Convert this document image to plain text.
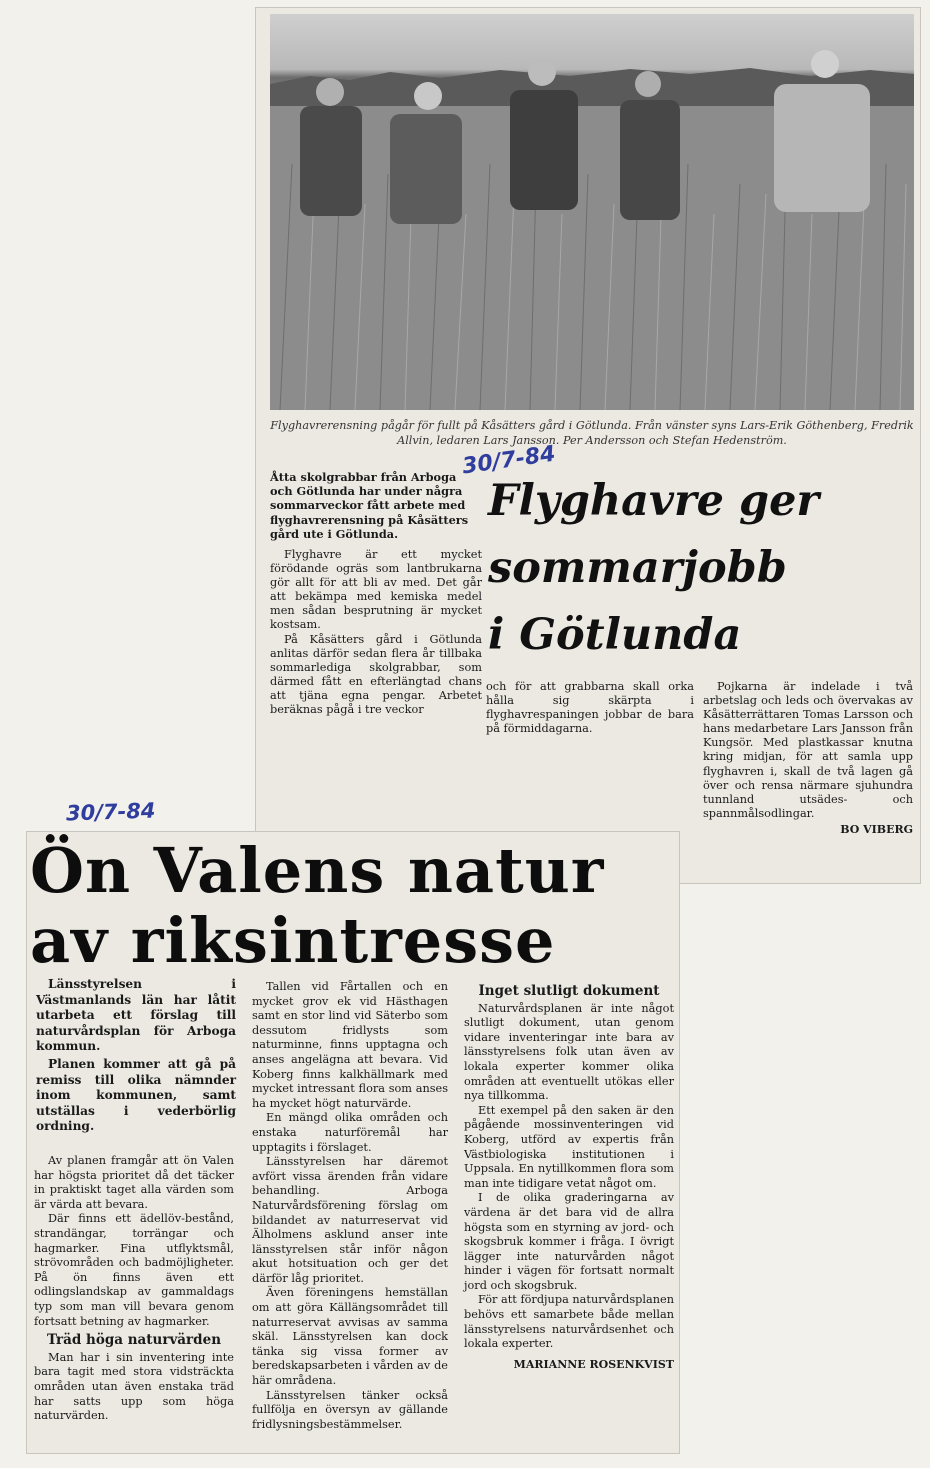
Flyghavrerensning pågår för fullt på Kåsätters gård i Götlunda. Från vänster syns Lars-Erik Göthenberg, Fredrik Allvin, ledaren Lars Jansson. Per Andersson och Stefan Hedenström.
30/7-84
Åtta skolgrabbar från Arboga och Götlunda har under några sommarveckor fått arbete med flyghavrerensning på Kåsätters gård ute i Götlunda.
Flyghavre ger
sommarjobb
i Götlunda

Flyghavre är ett mycket förödande ogräs som lantbrukarna gör allt för att bli av med. Det går att bekämpa med kemiska medel men sådan besprutning är mycket kostsam.

På Kåsätters gård i Götlunda anlitas därför sedan flera år tillbaka sommarlediga skolgrabbar, som därmed fått en efterlängtad chans att tjäna egna pengar. Arbetet beräknas pågå i tre veckor

och för att grabbarna skall orka hålla sig skärpta i flyghavrespaningen jobbar de bara på förmiddagarna.

Pojkarna är indelade i två arbetslag och leds och övervakas av Kåsätterrättaren Tomas Larsson och hans medarbetare Lars Jansson från Kungsör. Med plastkassar knutna kring midjan, för att samla upp flyghavren i, skall de två lagen gå över och rensa närmare sjuhundra tunnland utsädes- och spannmålsodlingar.

BO VIBERG
30/7-84
Ön Valens natur
av riksintresse

Länsstyrelsen i Västmanlands län har låtit utarbeta ett förslag till naturvårdsplan för Arboga kommun.

Planen kommer att gå på remiss till olika nämnder inom kommunen, samt utställas i vederbörlig ordning.

Av planen framgår att ön Valen har högsta prioritet då det täcker in praktiskt taget alla värden som är värda att bevara.

Där finns ett ädellöv-bestånd, strandängar, torrängar och hagmarker. Fina utflyktsmål, strövområden och badmöjligheter. På ön finns även ett odlingslandskap av gammaldags typ som man vill bevara genom fortsatt betning av hagmarker.

Träd höga naturvärden

Man har i sin inventering inte bara tagit med stora vidsträckta områden utan även enstaka träd har satts upp som höga naturvärden.

Tallen vid Fårtallen och en mycket grov ek vid Hästhagen samt en stor lind vid Säterbo som dessutom fridlysts som naturminne, finns upptagna och anses angelägna att bevara. Vid Koberg finns kalkhällmark med mycket intressant flora som anses ha mycket högt naturvärde.

En mängd olika områden och enstaka naturföremål har upptagits i förslaget.

Länsstyrelsen har däremot avfört vissa ärenden från vidare behandling. Arboga Naturvårdsförening förslag om bildandet av naturreservat vid Älholmens asklund anser inte länsstyrelsen står inför någon akut hotsituation och ger det därför låg prioritet.

Även föreningens hemställan om att göra Källängsområdet till naturreservat avvisas av samma skäl. Länsstyrelsen kan dock tänka sig vissa former av beredskapsarbeten i vården av de här områdena.

Länsstyrelsen tänker också fullfölja en översyn av gällande fridlysningsbestämmelser.

Inget slutligt dokument

Naturvårdsplanen är inte något slutligt dokument, utan genom vidare inventeringar inte bara av länsstyrelsens folk utan även av lokala experter kommer olika områden att eventuellt utökas eller nya tillkomma.

Ett exempel på den saken är den pågående mossinventeringen vid Koberg, utförd av expertis från Västbiologiska institutionen i Uppsala. En nytillkommen flora som man inte tidigare vetat något om.

I de olika graderingarna av värdena är det bara vid de allra högsta som en styrning av jord- och skogsbruk kommer i fråga. I övrigt lägger inte naturvården något hinder i vägen för fortsatt normalt jord och skogsbruk.

För att fördjupa naturvårdsplanen behövs ett samarbete både mellan länsstyrelsens naturvårdsenhet och lokala experter.

MARIANNE ROSENKVIST
